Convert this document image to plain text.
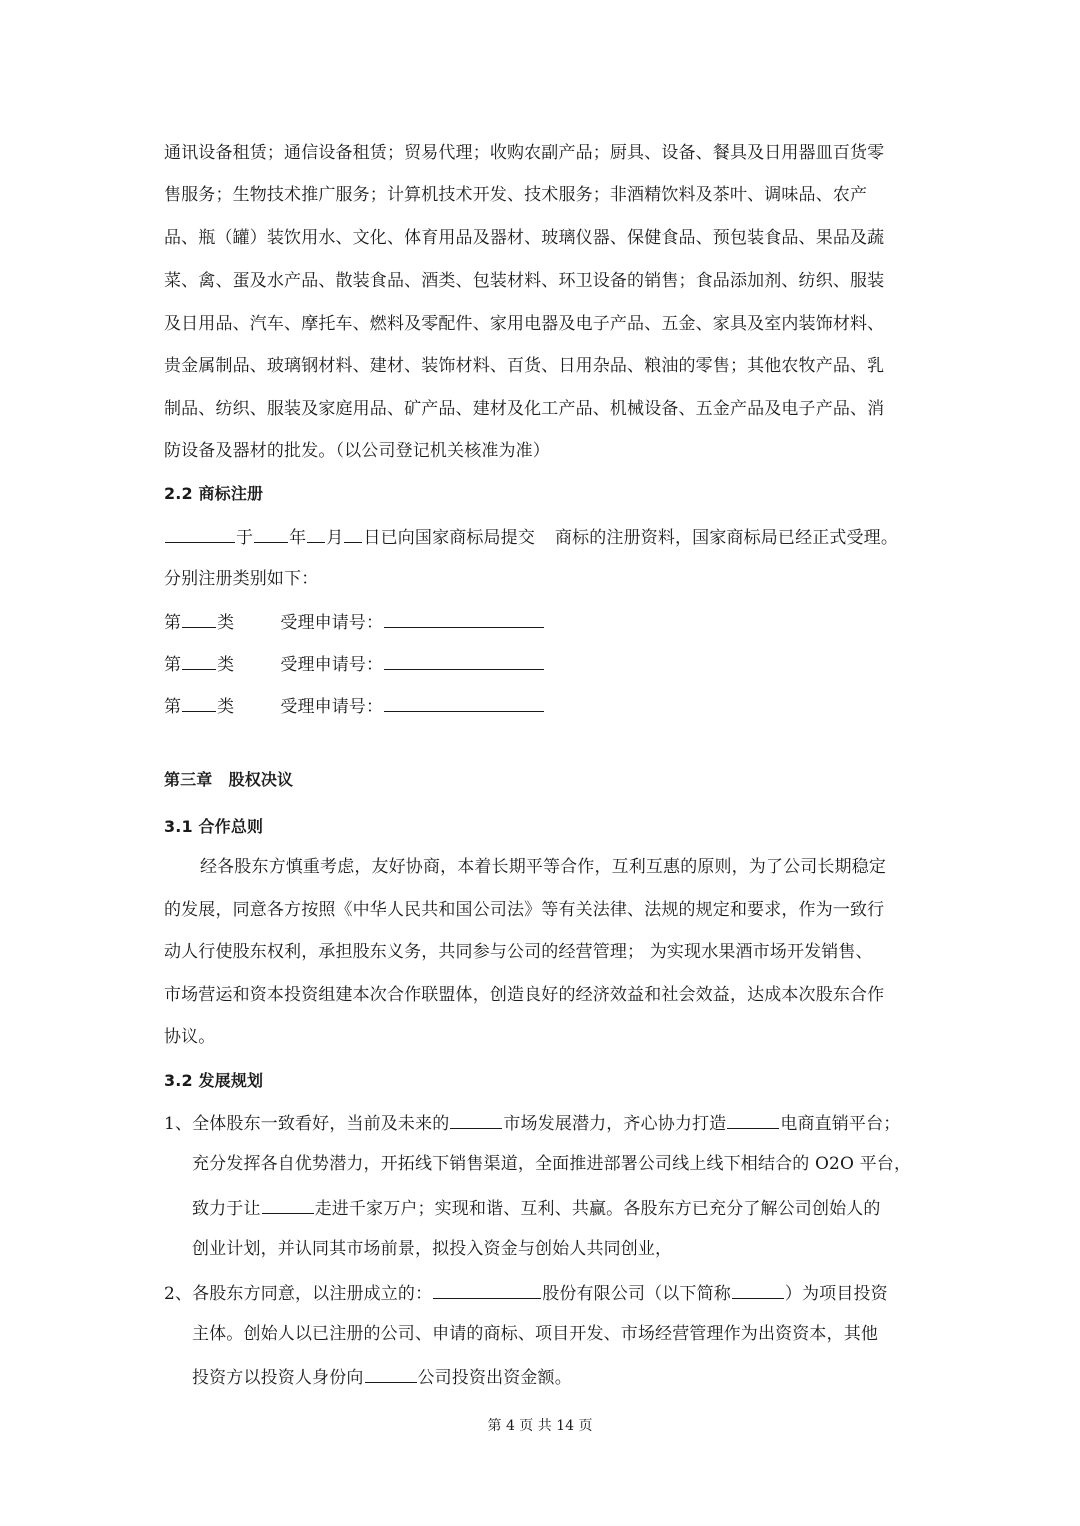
通讯设备租赁；通信设备租赁；贸易代理；收购农副产品；厨具、设备、餐具及日用器皿百货零
售服务；生物技术推广服务；计算机技术开发、技术服务；非酒精饮料及茶叶、调味品、农产
品、瓶（罐）装饮用水、文化、体育用品及器材、玻璃仪器、保健食品、预包装食品、果品及蔬
菜、禽、蛋及水产品、散装食品、酒类、包装材料、环卫设备的销售；食品添加剂、纺织、服装
及日用品、汽车、摩托车、燃料及零配件、家用电器及电子产品、五金、家具及室内装饰材料、
贵金属制品、玻璃钢材料、建材、装饰材料、百货、日用杂品、粮油的零售；其他农牧产品、乳
制品、纺织、服装及家庭用品、矿产品、建材及化工产品、机械设备、五金产品及电子产品、消
防设备及器材的批发。（以公司登记机关核准为准）
2.2 商标注册
于 年 月 日已向国家商标局提交 商标的注册资料，国家商标局已经正式受理。
分别注册类别如下：
第 类	受理申请号：
第 类	受理申请号：
第 类	受理申请号：
第三章　股权决议
3.1 合作总则
经各股东方慎重考虑，友好协商，本着长期平等合作，互利互惠的原则，为了公司长期稳定
的发展，同意各方按照《中华人民共和国公司法》等有关法律、法规的规定和要求，作为一致行
动人行使股东权利，承担股东义务，共同参与公司的经营管理； 为实现水果酒市场开发销售、
市场营运和资本投资组建本次合作联盟体，创造良好的经济效益和社会效益，达成本次股东合作
协议。
3.2 发展规划
1、全体股东一致看好，当前及未来的	市场发展潜力，齐心协力打造	电商直销平台；
充分发挥各自优势潜力，开拓线下销售渠道，全面推进部署公司线上线下相结合的 O2O 平台，
致力于让	走进千家万户；实现和谐、互利、共赢。各股东方已充分了解公司创始人的
创业计划，并认同其市场前景，拟投入资金与创始人共同创业，
2、各股东方同意，以注册成立的：	股份有限公司（以下简称	）为项目投资
主体。创始人以已注册的公司、申请的商标、项目开发、市场经营管理作为出资资本，其他
投资方以投资人身份向	公司投资出资金额。
第 4 页 共 14 页
